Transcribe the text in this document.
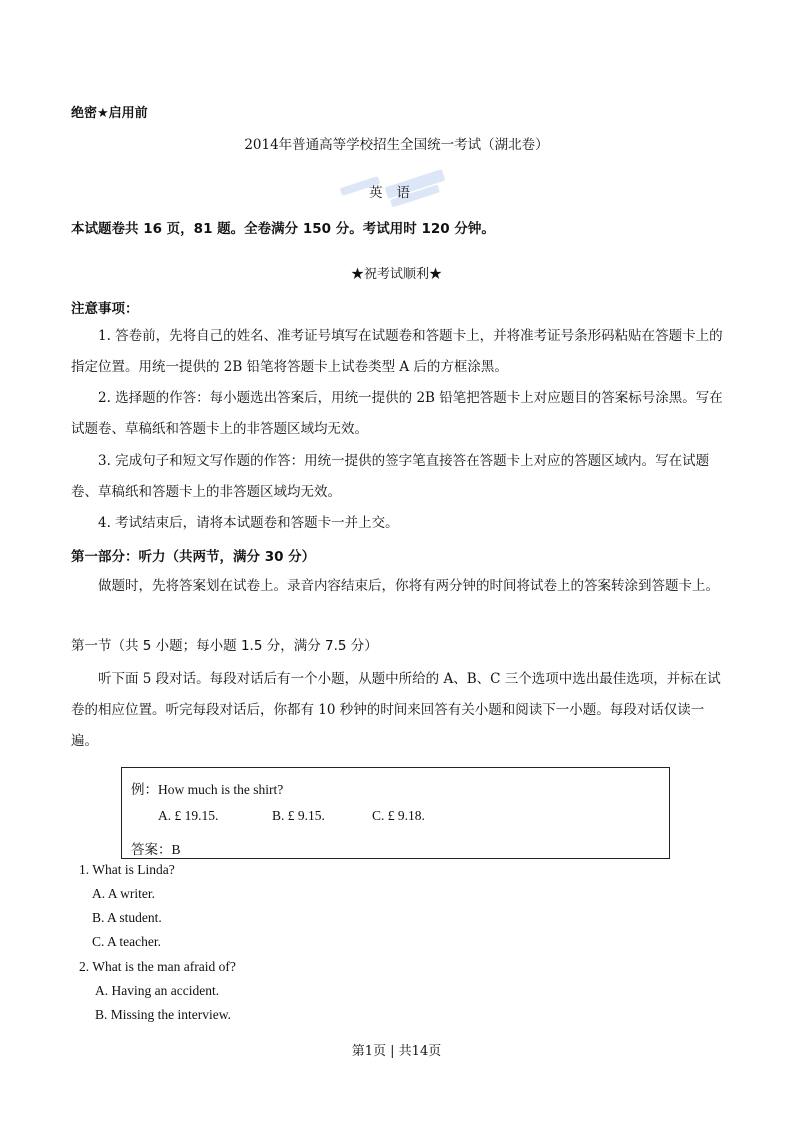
绝密★启用前
2014年普通高等学校招生全国统一考试（湖北卷）
英语
本试题卷共 16 页，81 题。全卷满分 150 分。考试用时 120 分钟。
★祝考试顺利★
注意事项：
1. 答卷前，先将自己的姓名、准考证号填写在试题卷和答题卡上，并将准考证号条形码粘贴在答题卡上的指定位置。用统一提供的 2B 铅笔将答题卡上试卷类型 A 后的方框涂黑。
2. 选择题的作答：每小题选出答案后，用统一提供的 2B 铅笔把答题卡上对应题目的答案标号涂黑。写在试题卷、草稿纸和答题卡上的非答题区域均无效。
3. 完成句子和短文写作题的作答：用统一提供的签字笔直接答在答题卡上对应的答题区域内。写在试题卷、草稿纸和答题卡上的非答题区域均无效。
4. 考试结束后，请将本试题卷和答题卡一并上交。
第一部分：听力（共两节，满分 30 分）
做题时，先将答案划在试卷上。录音内容结束后，你将有两分钟的时间将试卷上的答案转涂到答题卡上。
第一节（共 5 小题；每小题 1.5 分，满分 7.5 分）
听下面 5 段对话。每段对话后有一个小题，从题中所给的 A、B、C 三个选项中选出最佳选项，并标在试卷的相应位置。听完每段对话后，你都有 10 秒钟的时间来回答有关小题和阅读下一小题。每段对话仅读一遍。
例：How much is the shirt?
A. £ 19.15.	B. £ 9.15.	C. £ 9.18.
答案：B
1. What is Linda?
A. A writer.
B. A student.
C. A teacher.
2. What is the man afraid of?
A. Having an accident.
B. Missing the interview.
第1页 | 共14页
